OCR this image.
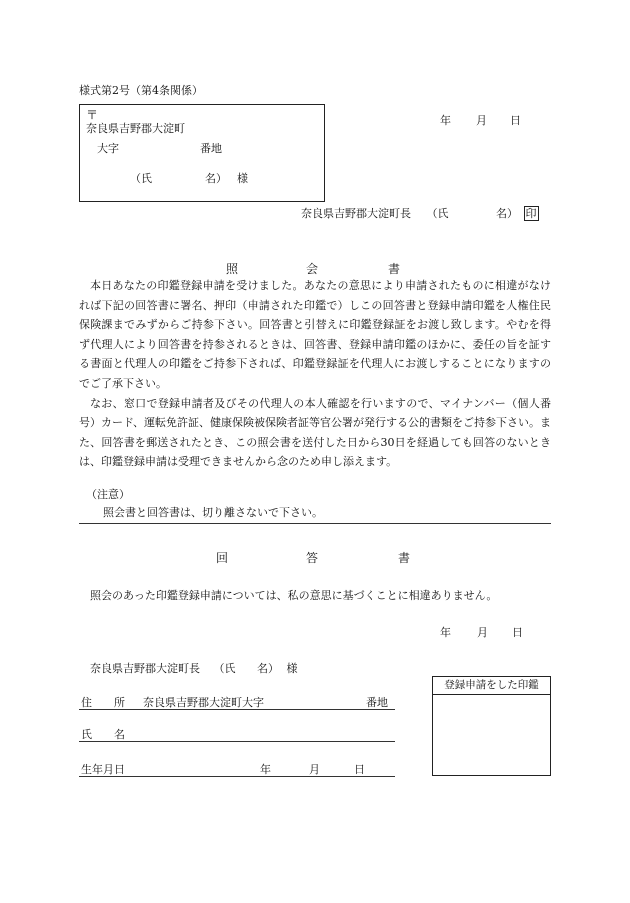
様式第2号（第4条関係）
〒
奈良県吉野郡大淀町
大字	番地
（氏	名） 様
年 月 日
奈良県吉野郡大淀町長 （氏	名） 印
照	会	書

本日あなたの印鑑登録申請を受けました。あなたの意思により申請されたものに相違がなければ下記の回答書に署名、押印（申請された印鑑で）しこの回答書と登録申請印鑑を人権住民保険課までみずからご持参下さい。回答書と引替えに印鑑登録証をお渡し致します。やむを得ず代理人により回答書を持参されるときは、回答書、登録申請印鑑のほかに、委任の旨を証する書面と代理人の印鑑をご持参下されば、印鑑登録証を代理人にお渡しすることになりますのでご了承下さい。

なお、窓口で登録申請者及びその代理人の本人確認を行いますので、マイナンバー（個人番号）カード、運転免許証、健康保険被保険者証等官公署が発行する公的書類をご持参下さい。また、回答書を郵送されたとき、この照会書を送付した日から30日を経過しても回答のないときは、印鑑登録申請は受理できませんから念のため申し添えます。

（注意）
照会書と回答書は、切り離さないで下さい。
回	答	書
照会のあった印鑑登録申請については、私の意思に基づくことに相違ありません。
年 月 日
奈良県吉野郡大淀町長 （氏 名） 様
住　　所 奈良県吉野郡大淀町大字	番地
氏　　名
生年月日	年	月	日
登録申請をした印鑑
